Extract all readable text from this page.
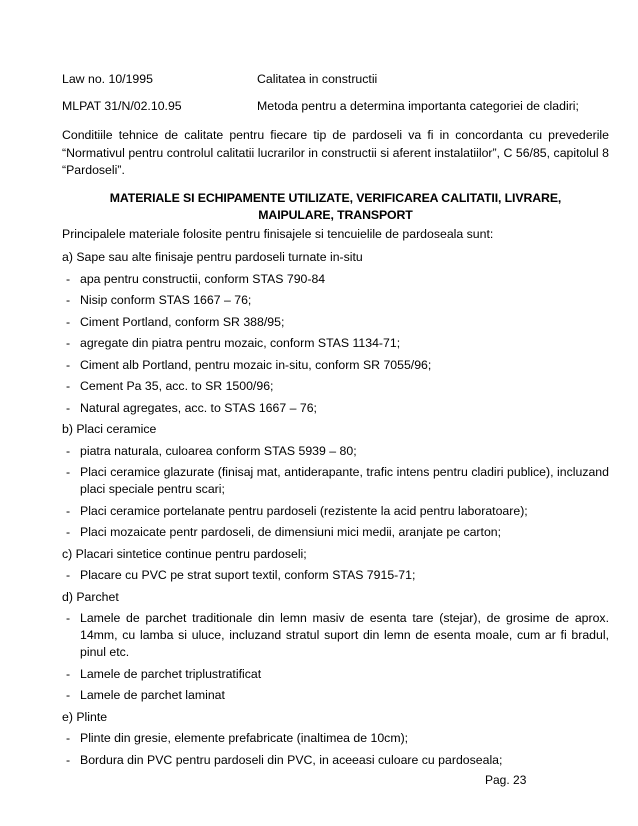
Law no. 10/1995	Calitatea in constructii
MLPAT 31/N/02.10.95	Metoda pentru a determina importanta categoriei de cladiri;
Conditiile tehnice de calitate pentru fiecare tip de pardoseli va fi in concordanta cu prevederile “Normativul pentru controlul calitatii lucrarilor in constructii si aferent instalatiilor”, C 56/85, capitolul 8 “Pardoseli”.
MATERIALE SI ECHIPAMENTE UTILIZATE, VERIFICAREA CALITATII, LIVRARE,
MAIPULARE, TRANSPORT
Principalele materiale folosite pentru finisajele si tencuielile de pardoseala sunt:
a) Sape sau alte finisaje pentru pardoseli turnate in-situ
- apa pentru constructii, conform STAS 790-84
- Nisip conform STAS 1667 – 76;
- Ciment Portland, conform SR 388/95;
- agregate din piatra pentru mozaic, conform STAS 1134-71;
- Ciment alb Portland, pentru mozaic in-situ, conform SR 7055/96;
- Cement Pa 35, acc. to SR 1500/96;
- Natural agregates, acc. to STAS 1667 – 76;
b) Placi ceramice
- piatra naturala, culoarea conform STAS 5939 – 80;
- Placi ceramice glazurate (finisaj mat, antiderapante, trafic intens pentru cladiri publice), incluzand placi speciale pentru scari;
- Placi ceramice portelanate pentru pardoseli (rezistente la acid pentru laboratoare);
- Placi mozaicate pentr pardoseli, de dimensiuni mici medii, aranjate pe carton;
c) Placari sintetice continue pentru pardoseli;
- Placare cu PVC pe strat suport textil, conform STAS 7915-71;
d) Parchet
- Lamele de parchet traditionale din lemn masiv de esenta tare (stejar), de grosime de aprox. 14mm, cu lamba si uluce, incluzand stratul suport din lemn de esenta moale, cum ar fi bradul, pinul etc.
- Lamele de parchet triplustratificat
- Lamele de parchet laminat
e) Plinte
- Plinte din gresie, elemente prefabricate (inaltimea de 10cm);
- Bordura din PVC pentru pardoseli din PVC, in aceeasi culoare cu pardoseala;
Pag. 23
